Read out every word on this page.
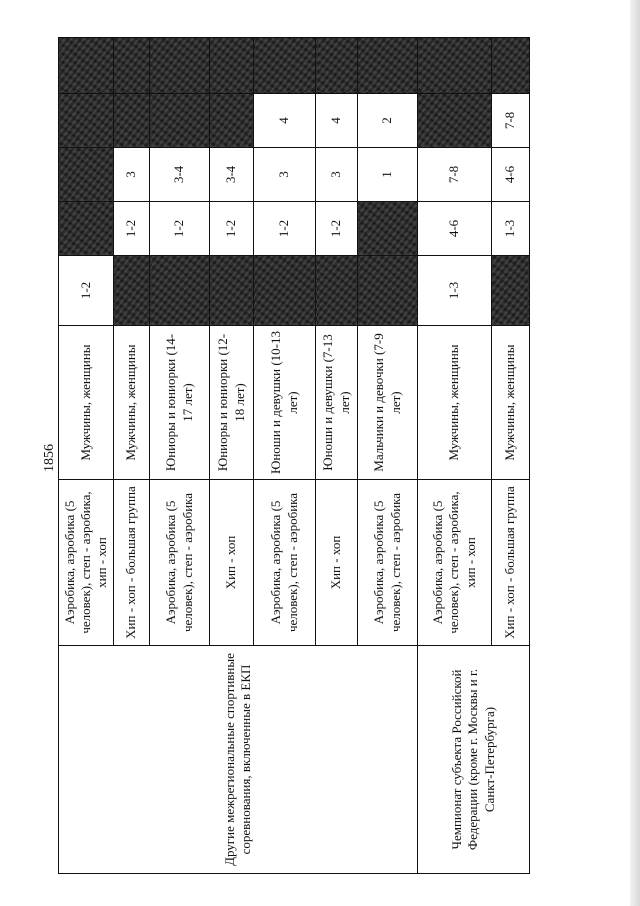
1856
Другие межрегиональные спортивные соревнования, включенные в ЕКП	Аэробика, аэробика (5 человек), степ - аэробика, хип - хоп	Мужчины, женщины	1-2				
	Хип - хоп - большая группа	Мужчины, женщины		1-2	3		
	Аэробика, аэробика (5 человек), степ - аэробика	Юниоры и юниорки (14-17 лет)		1-2	3-4		
	Хип - хоп	Юниоры и юниорки (12-18 лет)		1-2	3-4		
	Аэробика, аэробика (5 человек), степ - аэробика	Юноши и девушки (10-13 лет)		1-2	3	4	
	Хип - хоп	Юноши и девушки (7-13 лет)		1-2	3	4	
	Аэробика, аэробика (5 человек), степ - аэробика	Мальчики и девочки (7-9 лет)			1	2	
Чемпионат субъекта Российской Федерации (кроме г. Москвы и г. Санкт-Петербурга)	Аэробика, аэробика (5 человек), степ - аэробика, хип - хоп	Мужчины, женщины	1-3	4-6	7-8		
	Хип - хоп - большая группа	Мужчины, женщины		1-3	4-6	7-8	
